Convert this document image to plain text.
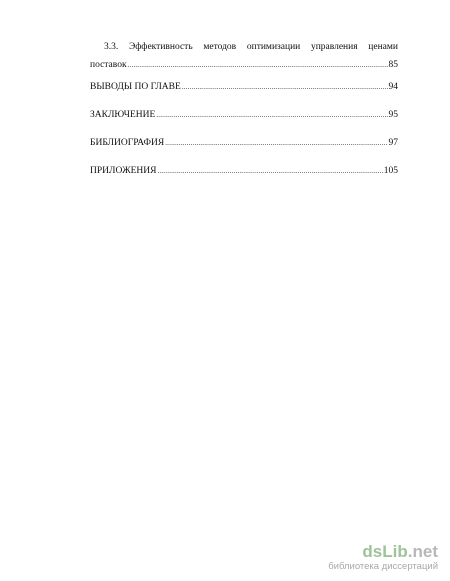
3.3. Эффективность методов оптимизации управления ценами
поставок .....	85
ВЫВОДЫ ПО ГЛАВЕ .....	94
ЗАКЛЮЧЕНИЕ .....	95
БИБЛИОГРАФИЯ .....	97
ПРИЛОЖЕНИЯ .....	105
dsLib.net
библиотека диссертаций
